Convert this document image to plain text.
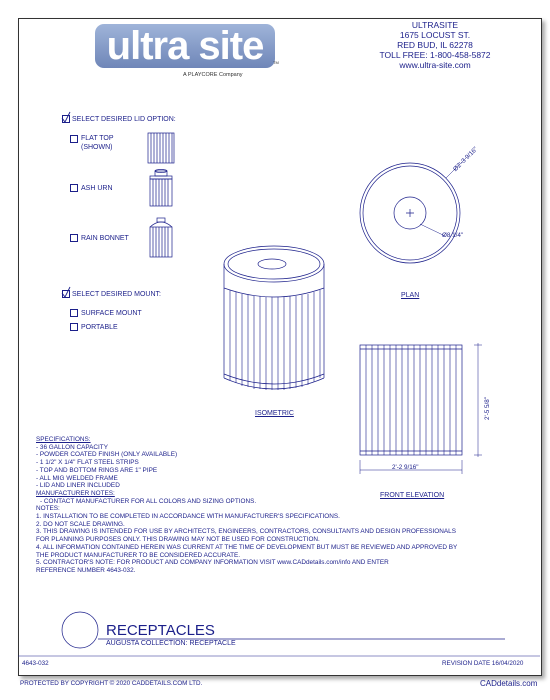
ultra site	TM
A PLAYCORE Company
ULTRASITE
1675 LOCUST ST.
RED BUD, IL 62278
TOLL FREE: 1-800-458-5872
www.ultra-site.com
SELECT DESIRED LID OPTION:
FLAT TOP
(SHOWN)
ASH URN
RAIN BONNET
SELECT DESIRED MOUNT:
SURFACE MOUNT
PORTABLE
ISOMETRIC
PLAN
FRONT ELEVATION
Ø2'-3 9/16"
Ø8 1/4"
2'-5 5/8"
2'-2 9/16"
SPECIFICATIONS:
- 36 GALLON CAPACITY
- POWDER COATED FINISH (ONLY AVAILABLE)
- 1 1/2" X 1/4" FLAT STEEL STRIPS
- TOP AND BOTTOM RINGS ARE 1" PIPE
- ALL MIG WELDED FRAME
- LID AND LINER INCLUDED
MANUFACTURER NOTES:
- CONTACT MANUFACTURER FOR ALL COLORS AND SIZING OPTIONS.
NOTES:
1. INSTALLATION TO BE COMPLETED IN ACCORDANCE WITH MANUFACTURER'S SPECIFICATIONS.
2. DO NOT SCALE DRAWING.
3. THIS DRAWING IS INTENDED FOR USE BY ARCHITECTS, ENGINEERS, CONTRACTORS, CONSULTANTS AND DESIGN PROFESSIONALS
FOR PLANNING PURPOSES ONLY. THIS DRAWING MAY NOT BE USED FOR CONSTRUCTION.
4. ALL INFORMATION CONTAINED HEREIN WAS CURRENT AT THE TIME OF DEVELOPMENT BUT MUST BE REVIEWED AND APPROVED BY
THE PRODUCT MANUFACTURER TO BE CONSIDERED ACCURATE.
5. CONTRACTOR'S NOTE: FOR PRODUCT AND COMPANY INFORMATION VISIT www.CADdetails.com/info AND ENTER
REFERENCE NUMBER 4643-032.
RECEPTACLES
AUGUSTA COLLECTION: RECEPTACLE
4643-032	REVISION DATE 16/04/2020
PROTECTED BY COPYRIGHT © 2020 CADDETAILS.COM LTD.	CADdetails.com
